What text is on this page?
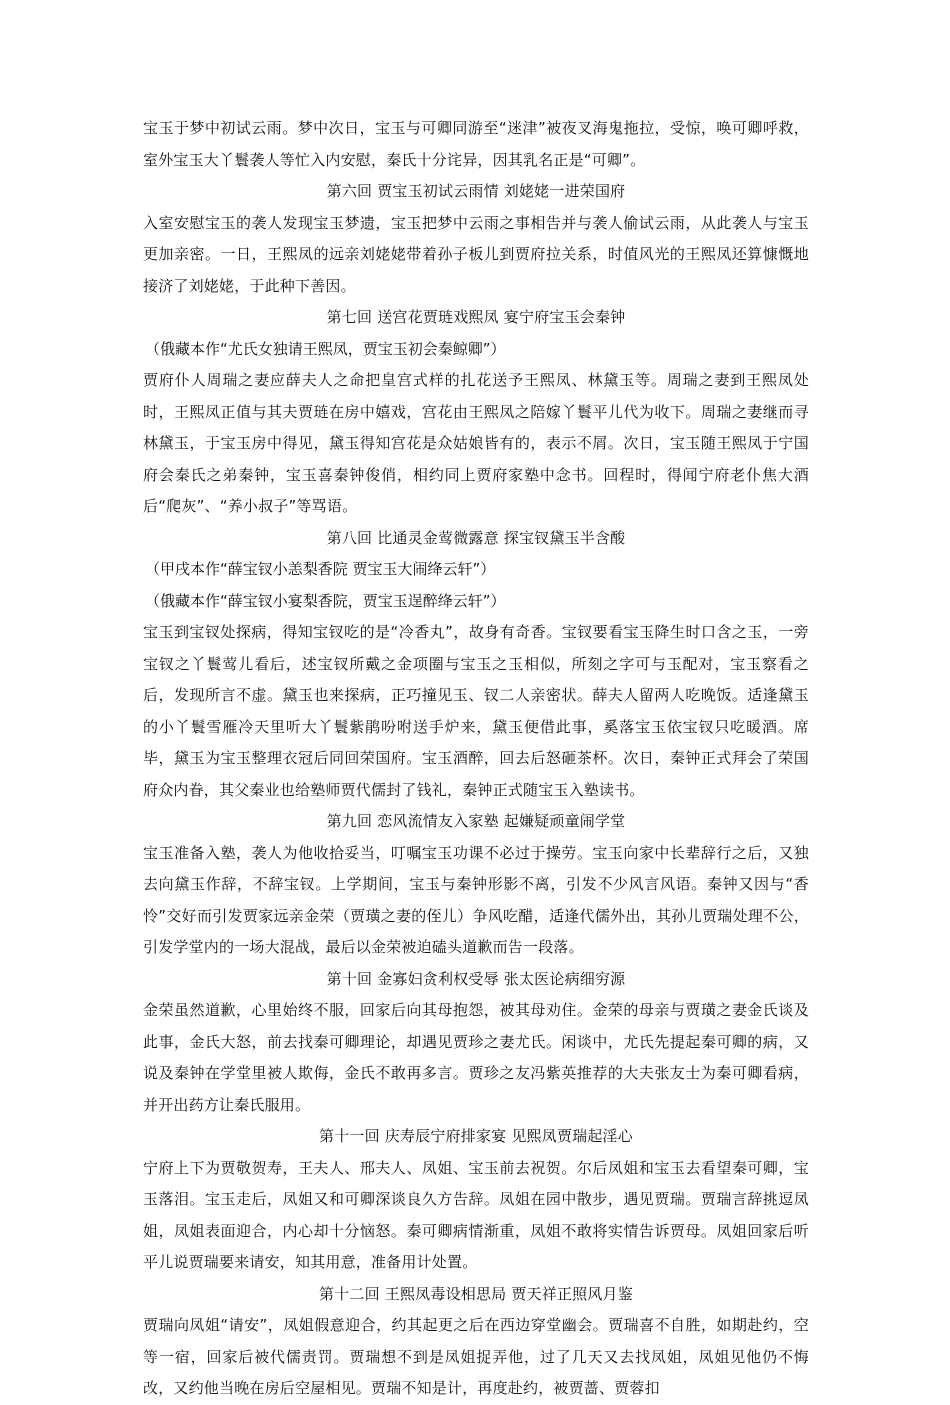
宝玉于梦中初试云雨。梦中次日，宝玉与可卿同游至“迷津”被夜叉海鬼拖拉，受惊，唤可卿呼救，室外宝玉大丫鬟袭人等忙入内安慰，秦氏十分诧异，因其乳名正是“可卿”。

第六回 贾宝玉初试云雨情 刘姥姥一进荣国府

入室安慰宝玉的袭人发现宝玉梦遗，宝玉把梦中云雨之事相告并与袭人偷试云雨，从此袭人与宝玉更加亲密。一日，王熙凤的远亲刘姥姥带着孙子板儿到贾府拉关系，时值风光的王熙凤还算慷慨地接济了刘姥姥，于此种下善因。

第七回 送宫花贾琏戏熙凤 宴宁府宝玉会秦钟

（俄藏本作“尤氏女独请王熙凤，贾宝玉初会秦鲸卿”）

贾府仆人周瑞之妻应薛夫人之命把皇宫式样的扎花送予王熙凤、林黛玉等。周瑞之妻到王熙凤处时，王熙凤正值与其夫贾琏在房中嬉戏，宫花由王熙凤之陪嫁丫鬟平儿代为收下。周瑞之妻继而寻林黛玉，于宝玉房中得见，黛玉得知宫花是众姑娘皆有的，表示不屑。次日，宝玉随王熙凤于宁国府会秦氏之弟秦钟，宝玉喜秦钟俊俏，相约同上贾府家塾中念书。回程时，得闻宁府老仆焦大酒后“爬灰”、“养小叔子”等骂语。

第八回 比通灵金莺微露意 探宝钗黛玉半含酸

（甲戌本作“薛宝钗小恙梨香院 贾宝玉大闹绛云轩”）

（俄藏本作“薛宝钗小宴梨香院，贾宝玉逞醉绛云轩”）

宝玉到宝钗处探病，得知宝钗吃的是“冷香丸”，故身有奇香。宝钗要看宝玉降生时口含之玉，一旁宝钗之丫鬟莺儿看后，述宝钗所戴之金项圈与宝玉之玉相似，所刻之字可与玉配对，宝玉察看之后，发现所言不虚。黛玉也来探病，正巧撞见玉、钗二人亲密状。薛夫人留两人吃晚饭。适逢黛玉的小丫鬟雪雁冷天里听大丫鬟紫鹃吩咐送手炉来，黛玉便借此事，奚落宝玉依宝钗只吃暖酒。席毕，黛玉为宝玉整理衣冠后同回荣国府。宝玉酒醉，回去后怒砸茶杯。次日，秦钟正式拜会了荣国府众内眷，其父秦业也给塾师贾代儒封了钱礼，秦钟正式随宝玉入塾读书。

第九回 恋风流情友入家塾 起嫌疑顽童闹学堂

宝玉准备入塾，袭人为他收拾妥当，叮嘱宝玉功课不必过于操劳。宝玉向家中长辈辞行之后，又独去向黛玉作辞，不辞宝钗。上学期间，宝玉与秦钟形影不离，引发不少风言风语。秦钟又因与“香怜”交好而引发贾家远亲金荣（贾璜之妻的侄儿）争风吃醋，适逢代儒外出，其孙儿贾瑞处理不公，引发学堂内的一场大混战，最后以金荣被迫磕头道歉而告一段落。

第十回 金寡妇贪利权受辱 张太医论病细穷源

金荣虽然道歉，心里始终不服，回家后向其母抱怨，被其母劝住。金荣的母亲与贾璜之妻金氏谈及此事，金氏大怒，前去找秦可卿理论，却遇见贾珍之妻尤氏。闲谈中，尤氏先提起秦可卿的病，又说及秦钟在学堂里被人欺侮，金氏不敢再多言。贾珍之友冯紫英推荐的大夫张友士为秦可卿看病，并开出药方让秦氏服用。

第十一回 庆寿辰宁府排家宴 见熙凤贾瑞起淫心

宁府上下为贾敬贺寿，王夫人、邢夫人、凤姐、宝玉前去祝贺。尔后凤姐和宝玉去看望秦可卿，宝玉落泪。宝玉走后，凤姐又和可卿深谈良久方告辞。凤姐在园中散步，遇见贾瑞。贾瑞言辞挑逗凤姐，凤姐表面迎合，内心却十分恼怒。秦可卿病情渐重，凤姐不敢将实情告诉贾母。凤姐回家后听平儿说贾瑞要来请安，知其用意，准备用计处置。

第十二回 王熙凤毒设相思局 贾天祥正照风月鉴

贾瑞向凤姐“请安”，凤姐假意迎合，约其起更之后在西边穿堂幽会。贾瑞喜不自胜，如期赴约，空等一宿，回家后被代儒责罚。贾瑞想不到是凤姐捉弄他，过了几天又去找凤姐，凤姐见他仍不悔改，又约他当晚在房后空屋相见。贾瑞不知是计，再度赴约，被贾蔷、贾蓉扣
